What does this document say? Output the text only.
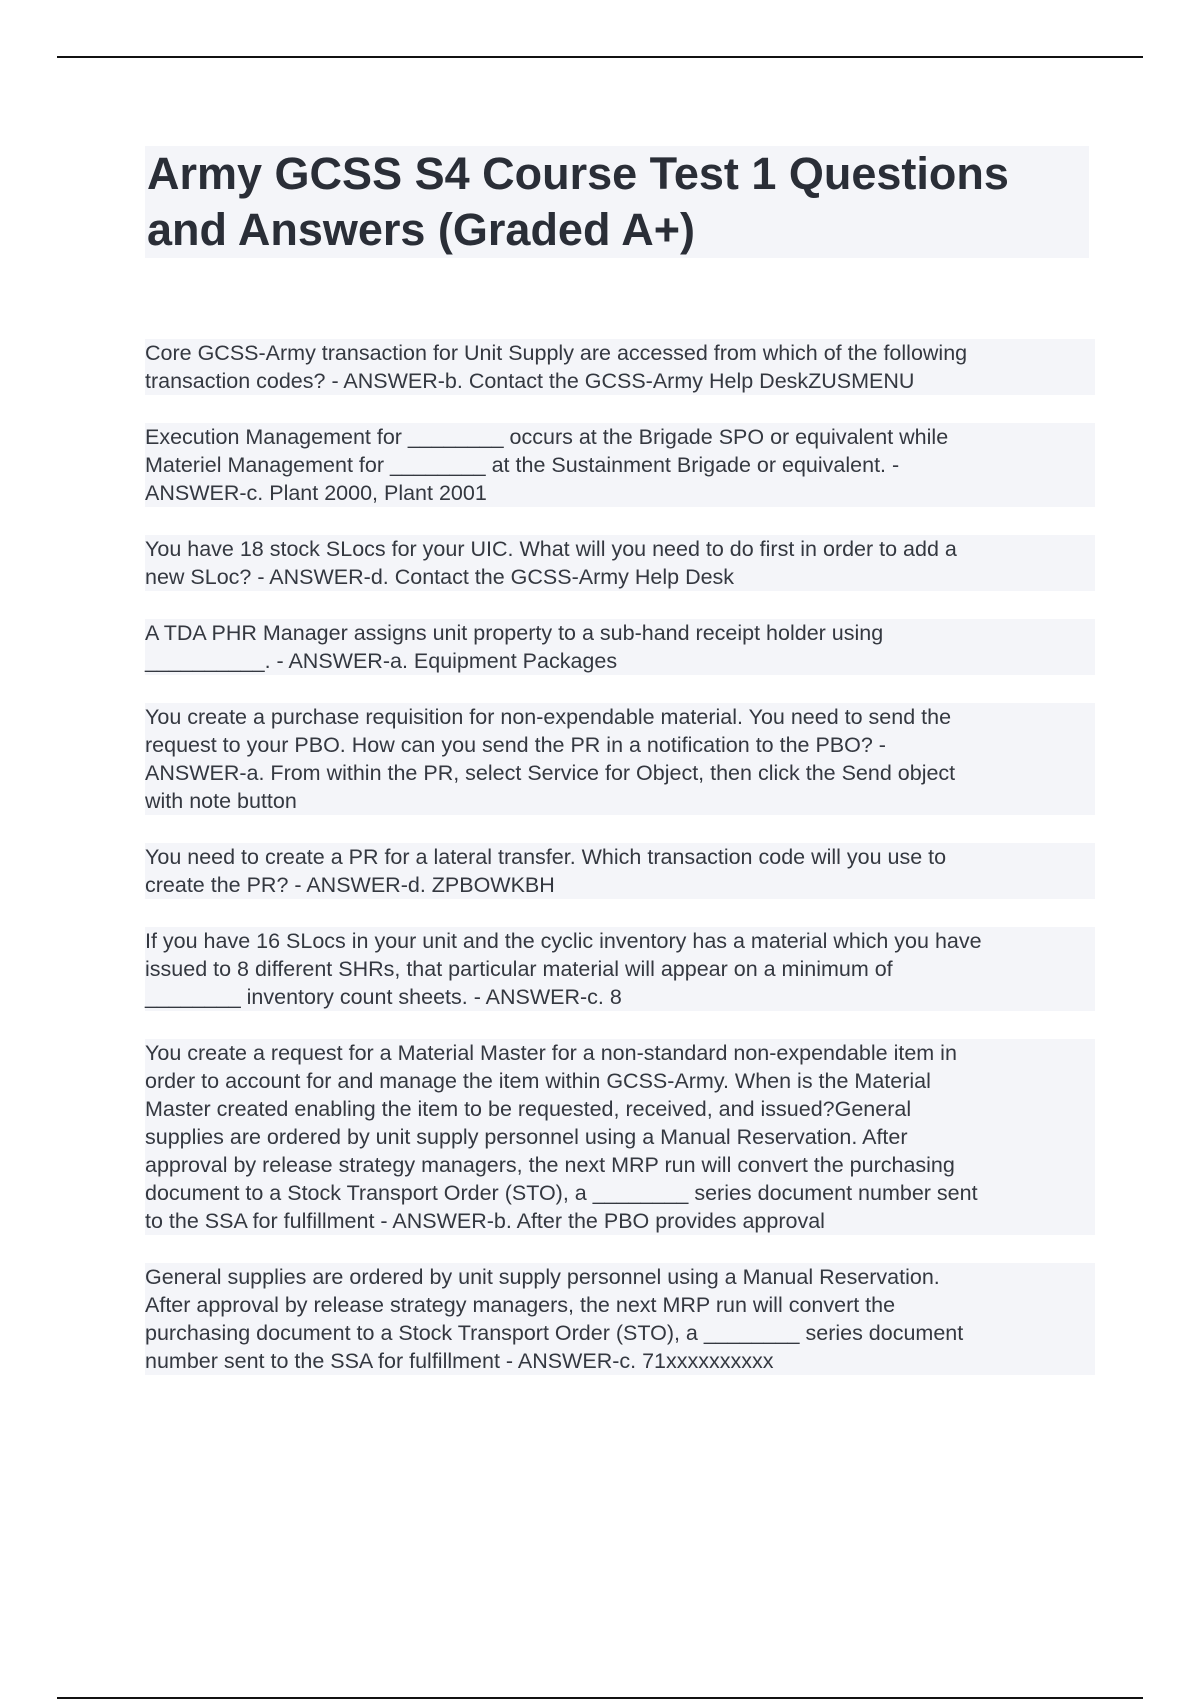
Army GCSS S4 Course Test 1 Questions
and Answers (Graded A+)

Core GCSS-Army transaction for Unit Supply are accessed from which of the following
transaction codes? - ANSWER-b. Contact the GCSS-Army Help DeskZUSMENU

Execution Management for ________ occurs at the Brigade SPO or equivalent while
Materiel Management for ________ at the Sustainment Brigade or equivalent. -
ANSWER-c. Plant 2000, Plant 2001

You have 18 stock SLocs for your UIC. What will you need to do first in order to add a
new SLoc? - ANSWER-d. Contact the GCSS-Army Help Desk

A TDA PHR Manager assigns unit property to a sub-hand receipt holder using
__________. - ANSWER-a. Equipment Packages

You create a purchase requisition for non-expendable material. You need to send the
request to your PBO. How can you send the PR in a notification to the PBO? -
ANSWER-a. From within the PR, select Service for Object, then click the Send object
with note button

You need to create a PR for a lateral transfer. Which transaction code will you use to
create the PR? - ANSWER-d. ZPBOWKBH

If you have 16 SLocs in your unit and the cyclic inventory has a material which you have
issued to 8 different SHRs, that particular material will appear on a minimum of
________ inventory count sheets. - ANSWER-c. 8

You create a request for a Material Master for a non-standard non-expendable item in
order to account for and manage the item within GCSS-Army. When is the Material
Master created enabling the item to be requested, received, and issued?General
supplies are ordered by unit supply personnel using a Manual Reservation. After
approval by release strategy managers, the next MRP run will convert the purchasing
document to a Stock Transport Order (STO), a ________ series document number sent
to the SSA for fulfillment - ANSWER-b. After the PBO provides approval

General supplies are ordered by unit supply personnel using a Manual Reservation.
After approval by release strategy managers, the next MRP run will convert the
purchasing document to a Stock Transport Order (STO), a ________ series document
number sent to the SSA for fulfillment - ANSWER-c. 71xxxxxxxxxx
